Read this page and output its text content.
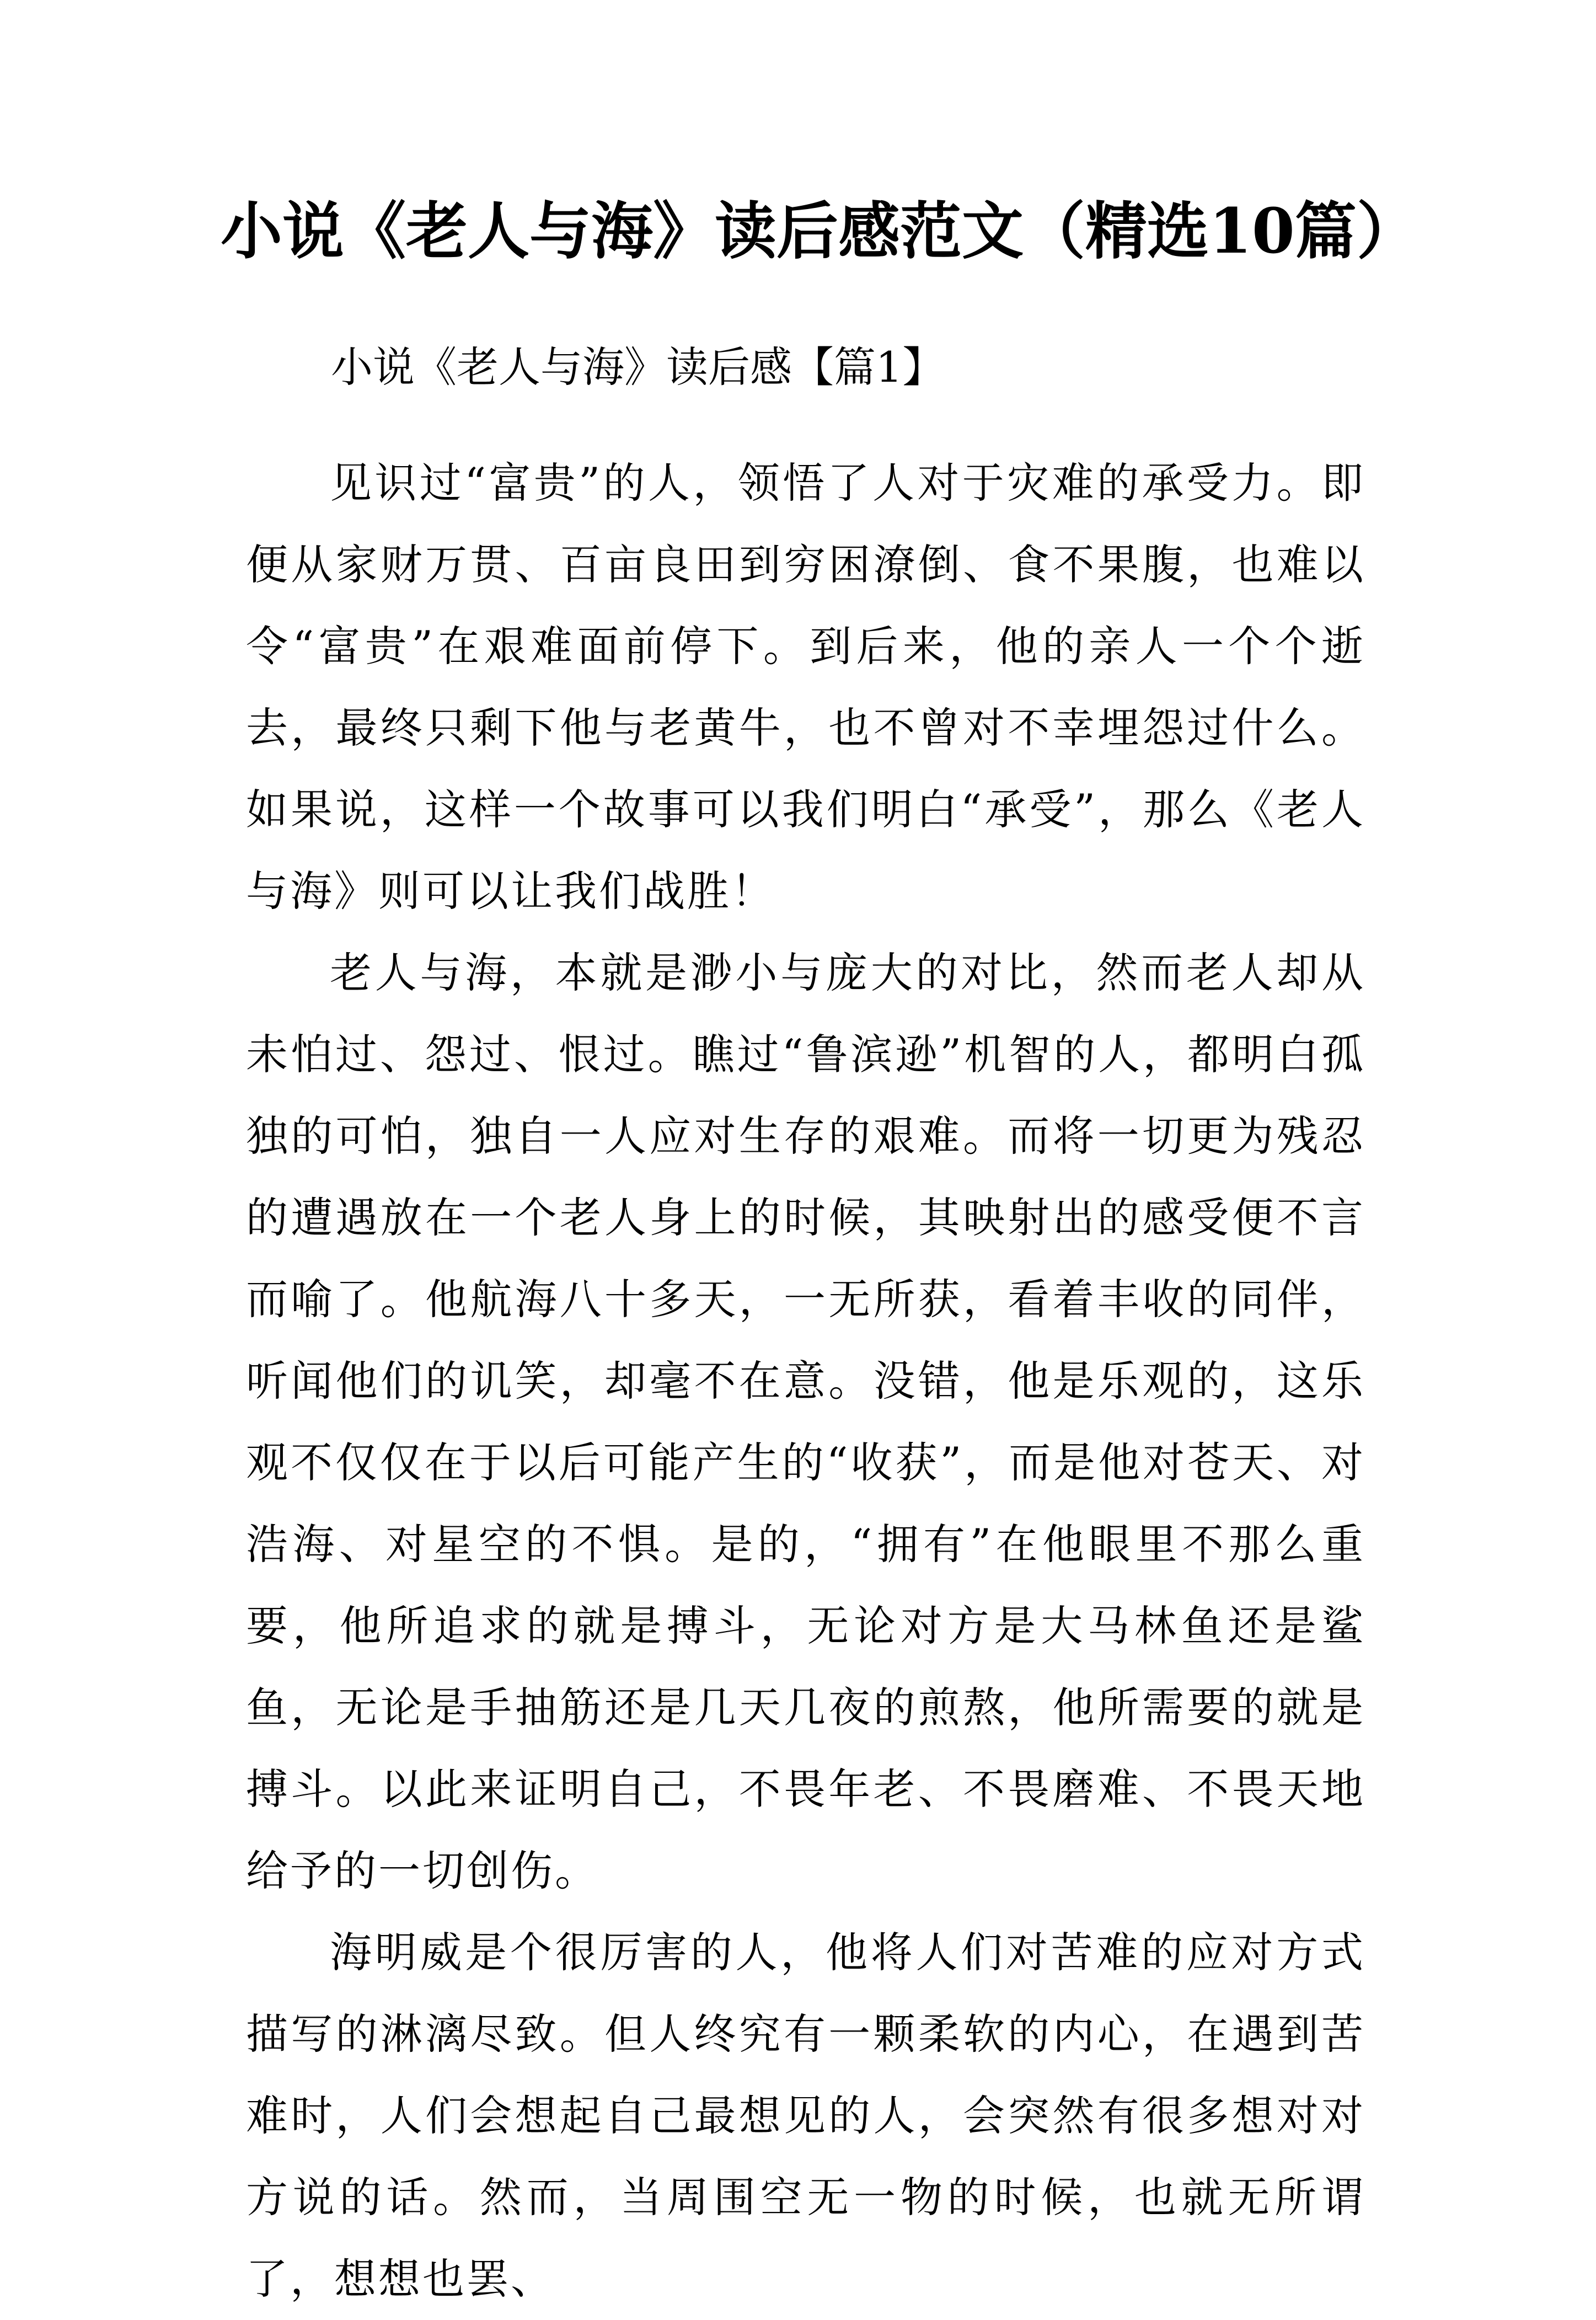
小说《老人与海》读后感范文（精选10篇）
小说《老人与海》读后感【篇1】

见识过“富贵”的人，领悟了人对于灾难的承受力。即便从家财万贯、百亩良田到穷困潦倒、食不果腹，也难以令“富贵”在艰难面前停下。到后来，他的亲人一个个逝去，最终只剩下他与老黄牛，也不曾对不幸埋怨过什么。如果说，这样一个故事可以我们明白“承受”，那么《老人与海》则可以让我们战胜！

老人与海，本就是渺小与庞大的对比，然而老人却从未怕过、怨过、恨过。瞧过“鲁滨逊”机智的人，都明白孤独的可怕，独自一人应对生存的艰难。而将一切更为残忍的遭遇放在一个老人身上的时候，其映射出的感受便不言而喻了。他航海八十多天，一无所获，看着丰收的同伴，听闻他们的讥笑，却毫不在意。没错，他是乐观的，这乐观不仅仅在于以后可能产生的“收获”，而是他对苍天、对浩海、对星空的不惧。是的，“拥有”在他眼里不那么重要，他所追求的就是搏斗，无论对方是大马林鱼还是鲨鱼，无论是手抽筋还是几天几夜的煎熬，他所需要的就是搏斗。以此来证明自己，不畏年老、不畏磨难、不畏天地给予的一切创伤。

海明威是个很厉害的人，他将人们对苦难的应对方式描写的淋漓尽致。但人终究有一颗柔软的内心，在遇到苦难时，人们会想起自己最想见的人，会突然有很多想对对方说的话。然而，当周围空无一物的时候，也就无所谓了，想想也罢、
